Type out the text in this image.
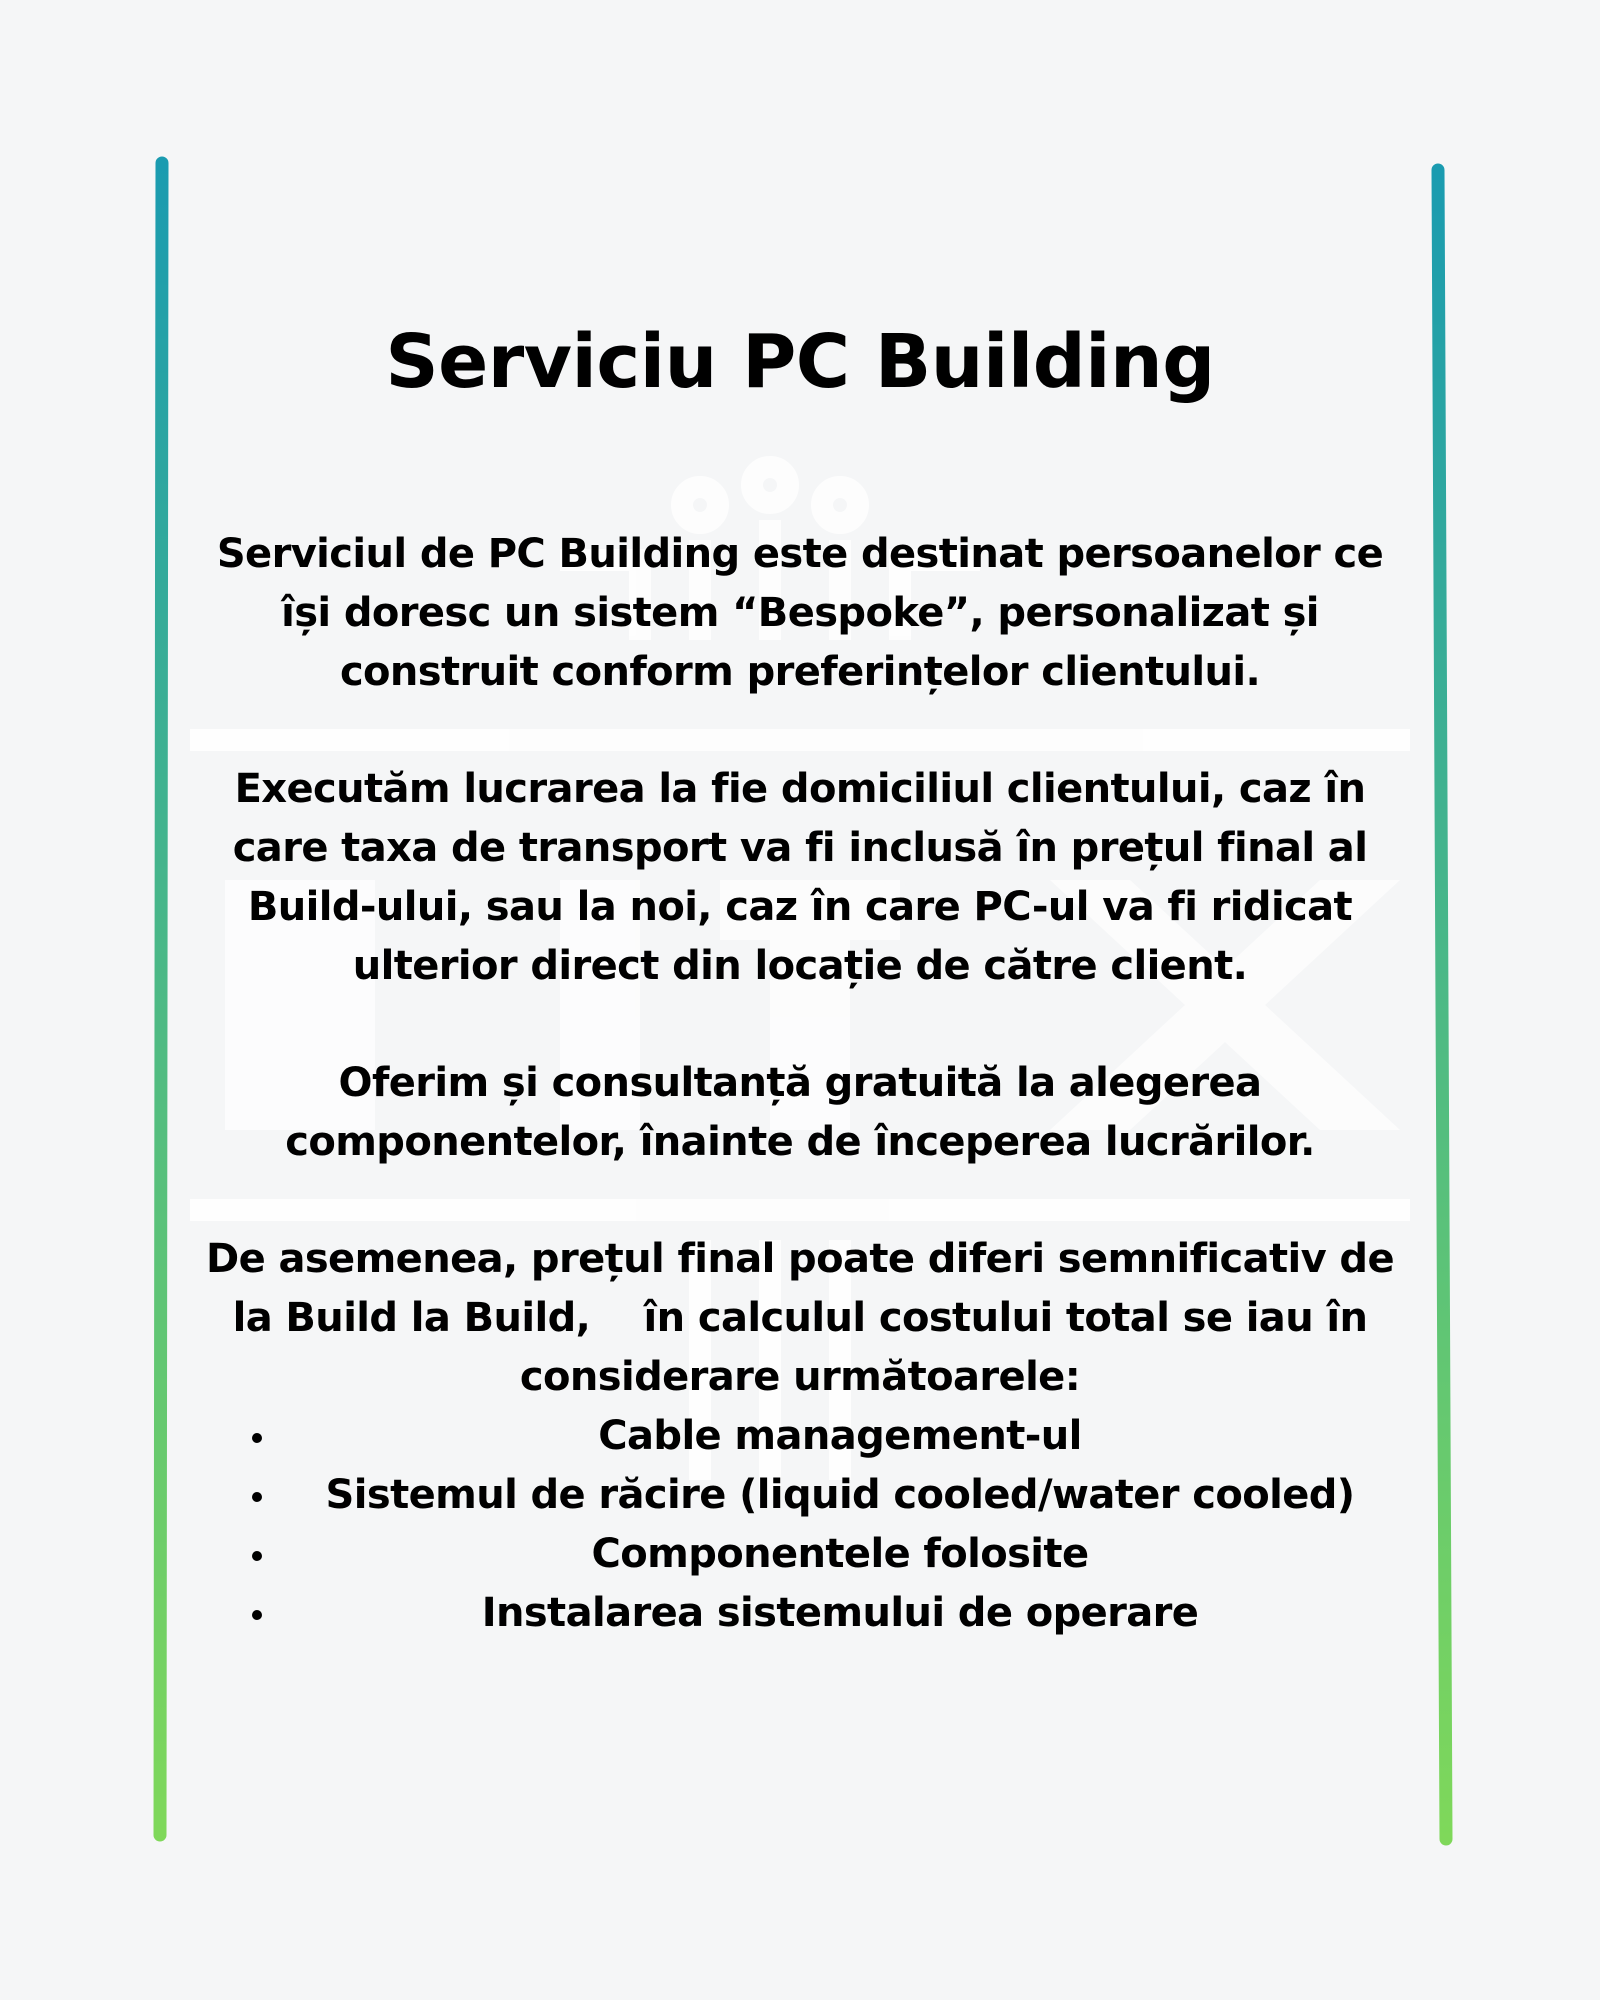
Serviciu PC Building

Serviciul de PC Building este destinat persoanelor ce își doresc un sistem “Bespoke”, personalizat și construit conform preferințelor clientului.

Executăm lucrarea la fie domiciliul clientului, caz în care taxa de transport va fi inclusă în prețul final al Build-ului, sau la noi, caz în care PC-ul va fi ridicat ulterior direct din locație de către client.

Oferim și consultanță gratuită la alegerea componentelor, înainte de începerea lucrărilor.

De asemenea, prețul final poate diferi semnificativ de la Build la Build,    în calculul costului total se iau în considerare următoarele:

Cable management-ul
Sistemul de răcire (liquid cooled/water cooled)
Componentele folosite
Instalarea sistemului de operare
